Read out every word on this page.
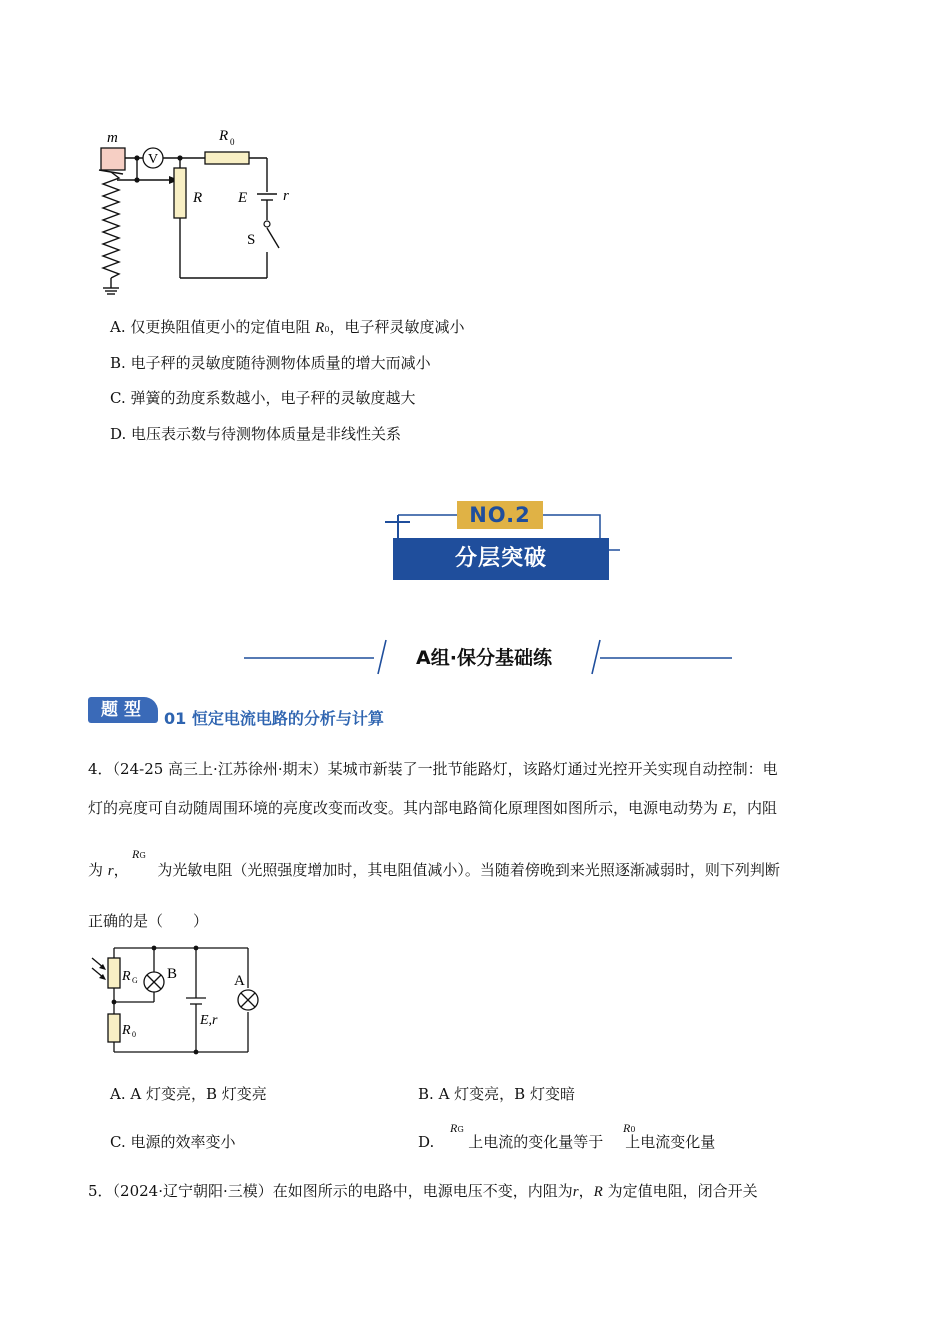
V
m	R 0
R E r
S
A. 仅更换阻值更小的定值电阻 R0，电子秤灵敏度减小
B. 电子秤的灵敏度随待测物体质量的增大而减小
C. 弹簧的劲度系数越小，电子秤的灵敏度越大
D. 电压表示数与待测物体质量是非线性关系
NO.2
分层突破
A组·保分基础练
题 型	01 恒定电流电路的分析与计算
4．（24-25 高三上·江苏徐州·期末）某城市新装了一批节能路灯，该路灯通过光控开关实现自动控制：电
灯的亮度可自动随周围环境的亮度改变而改变。其内部电路简化原理图如图所示，电源电动势为 E，内阻
为 r， 为光敏电阻（光照强度增加时，其电阻值减小）。当随着傍晚到来光照逐渐减弱时，则下列判断
RG
正确的是（　　）
R G
R 0
B	A
E,r
A. A 灯变亮，B 灯变亮	B. A 灯变亮，B 灯变暗
C. 电源的效率变小	D. 上电流的变化量等于 上电流变化量
RG	R0
5．（2024·辽宁朝阳·三模）在如图所示的电路中，电源电压不变，内阻为r，R 为定值电阻，闭合开关
